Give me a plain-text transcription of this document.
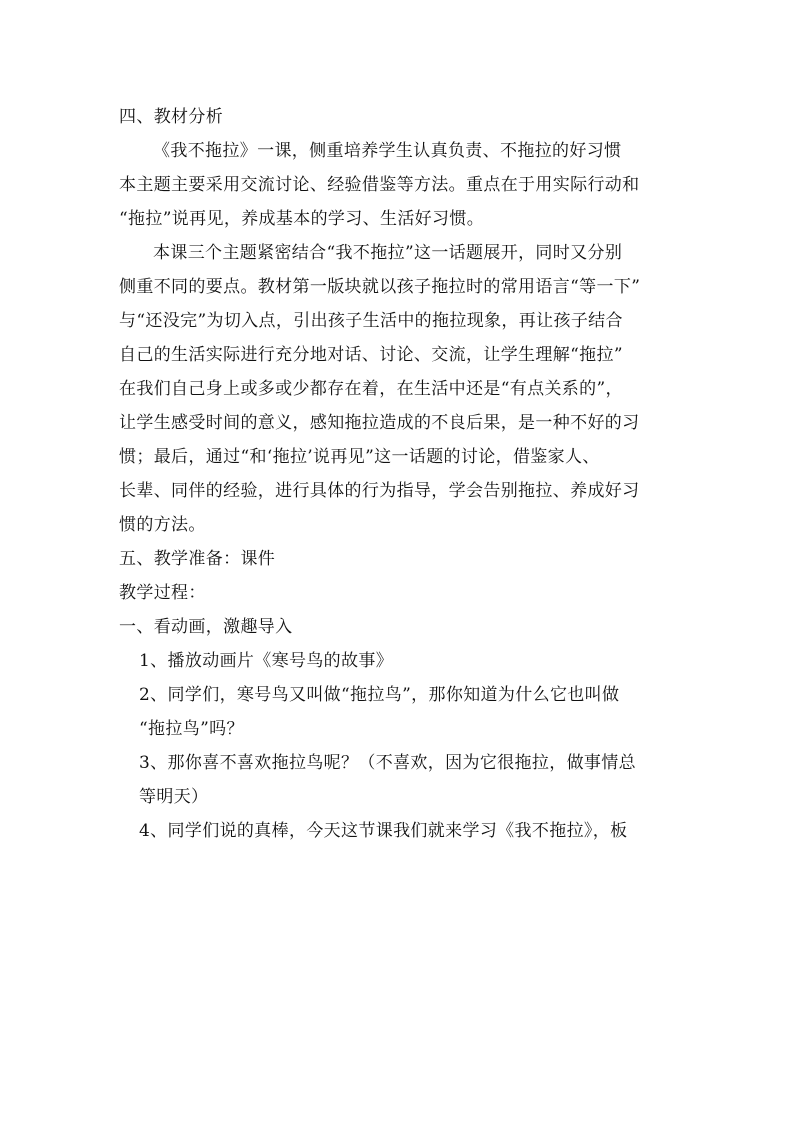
四、教材分析
《我不拖拉》一课，侧重培养学生认真负责、不拖拉的好习惯
本主题主要采用交流讨论、经验借鉴等方法。重点在于用实际行动和
“拖拉”说再见，养成基本的学习、生活好习惯。
本课三个主题紧密结合“我不拖拉”这一话题展开，同时又分别
侧重不同的要点。教材第一版块就以孩子拖拉时的常用语言“等一下”
与“还没完”为切入点，引出孩子生活中的拖拉现象，再让孩子结合
自己的生活实际进行充分地对话、讨论、交流，让学生理解“拖拉”
在我们自己身上或多或少都存在着，在生活中还是“有点关系的”，
让学生感受时间的意义，感知拖拉造成的不良后果，是一种不好的习
惯；最后，通过“和‘拖拉’说再见”这一话题的讨论，借鉴家人、
长辈、同伴的经验，进行具体的行为指导，学会告别拖拉、养成好习
惯的方法。
五、教学准备：课件
教学过程：
一、看动画，激趣导入
1、播放动画片《寒号鸟的故事》
2、同学们，寒号鸟又叫做“拖拉鸟”，那你知道为什么它也叫做
“拖拉鸟”吗？
3、那你喜不喜欢拖拉鸟呢？（不喜欢，因为它很拖拉，做事情总
等明天）
4、同学们说的真棒，今天这节课我们就来学习《我不拖拉》，板
